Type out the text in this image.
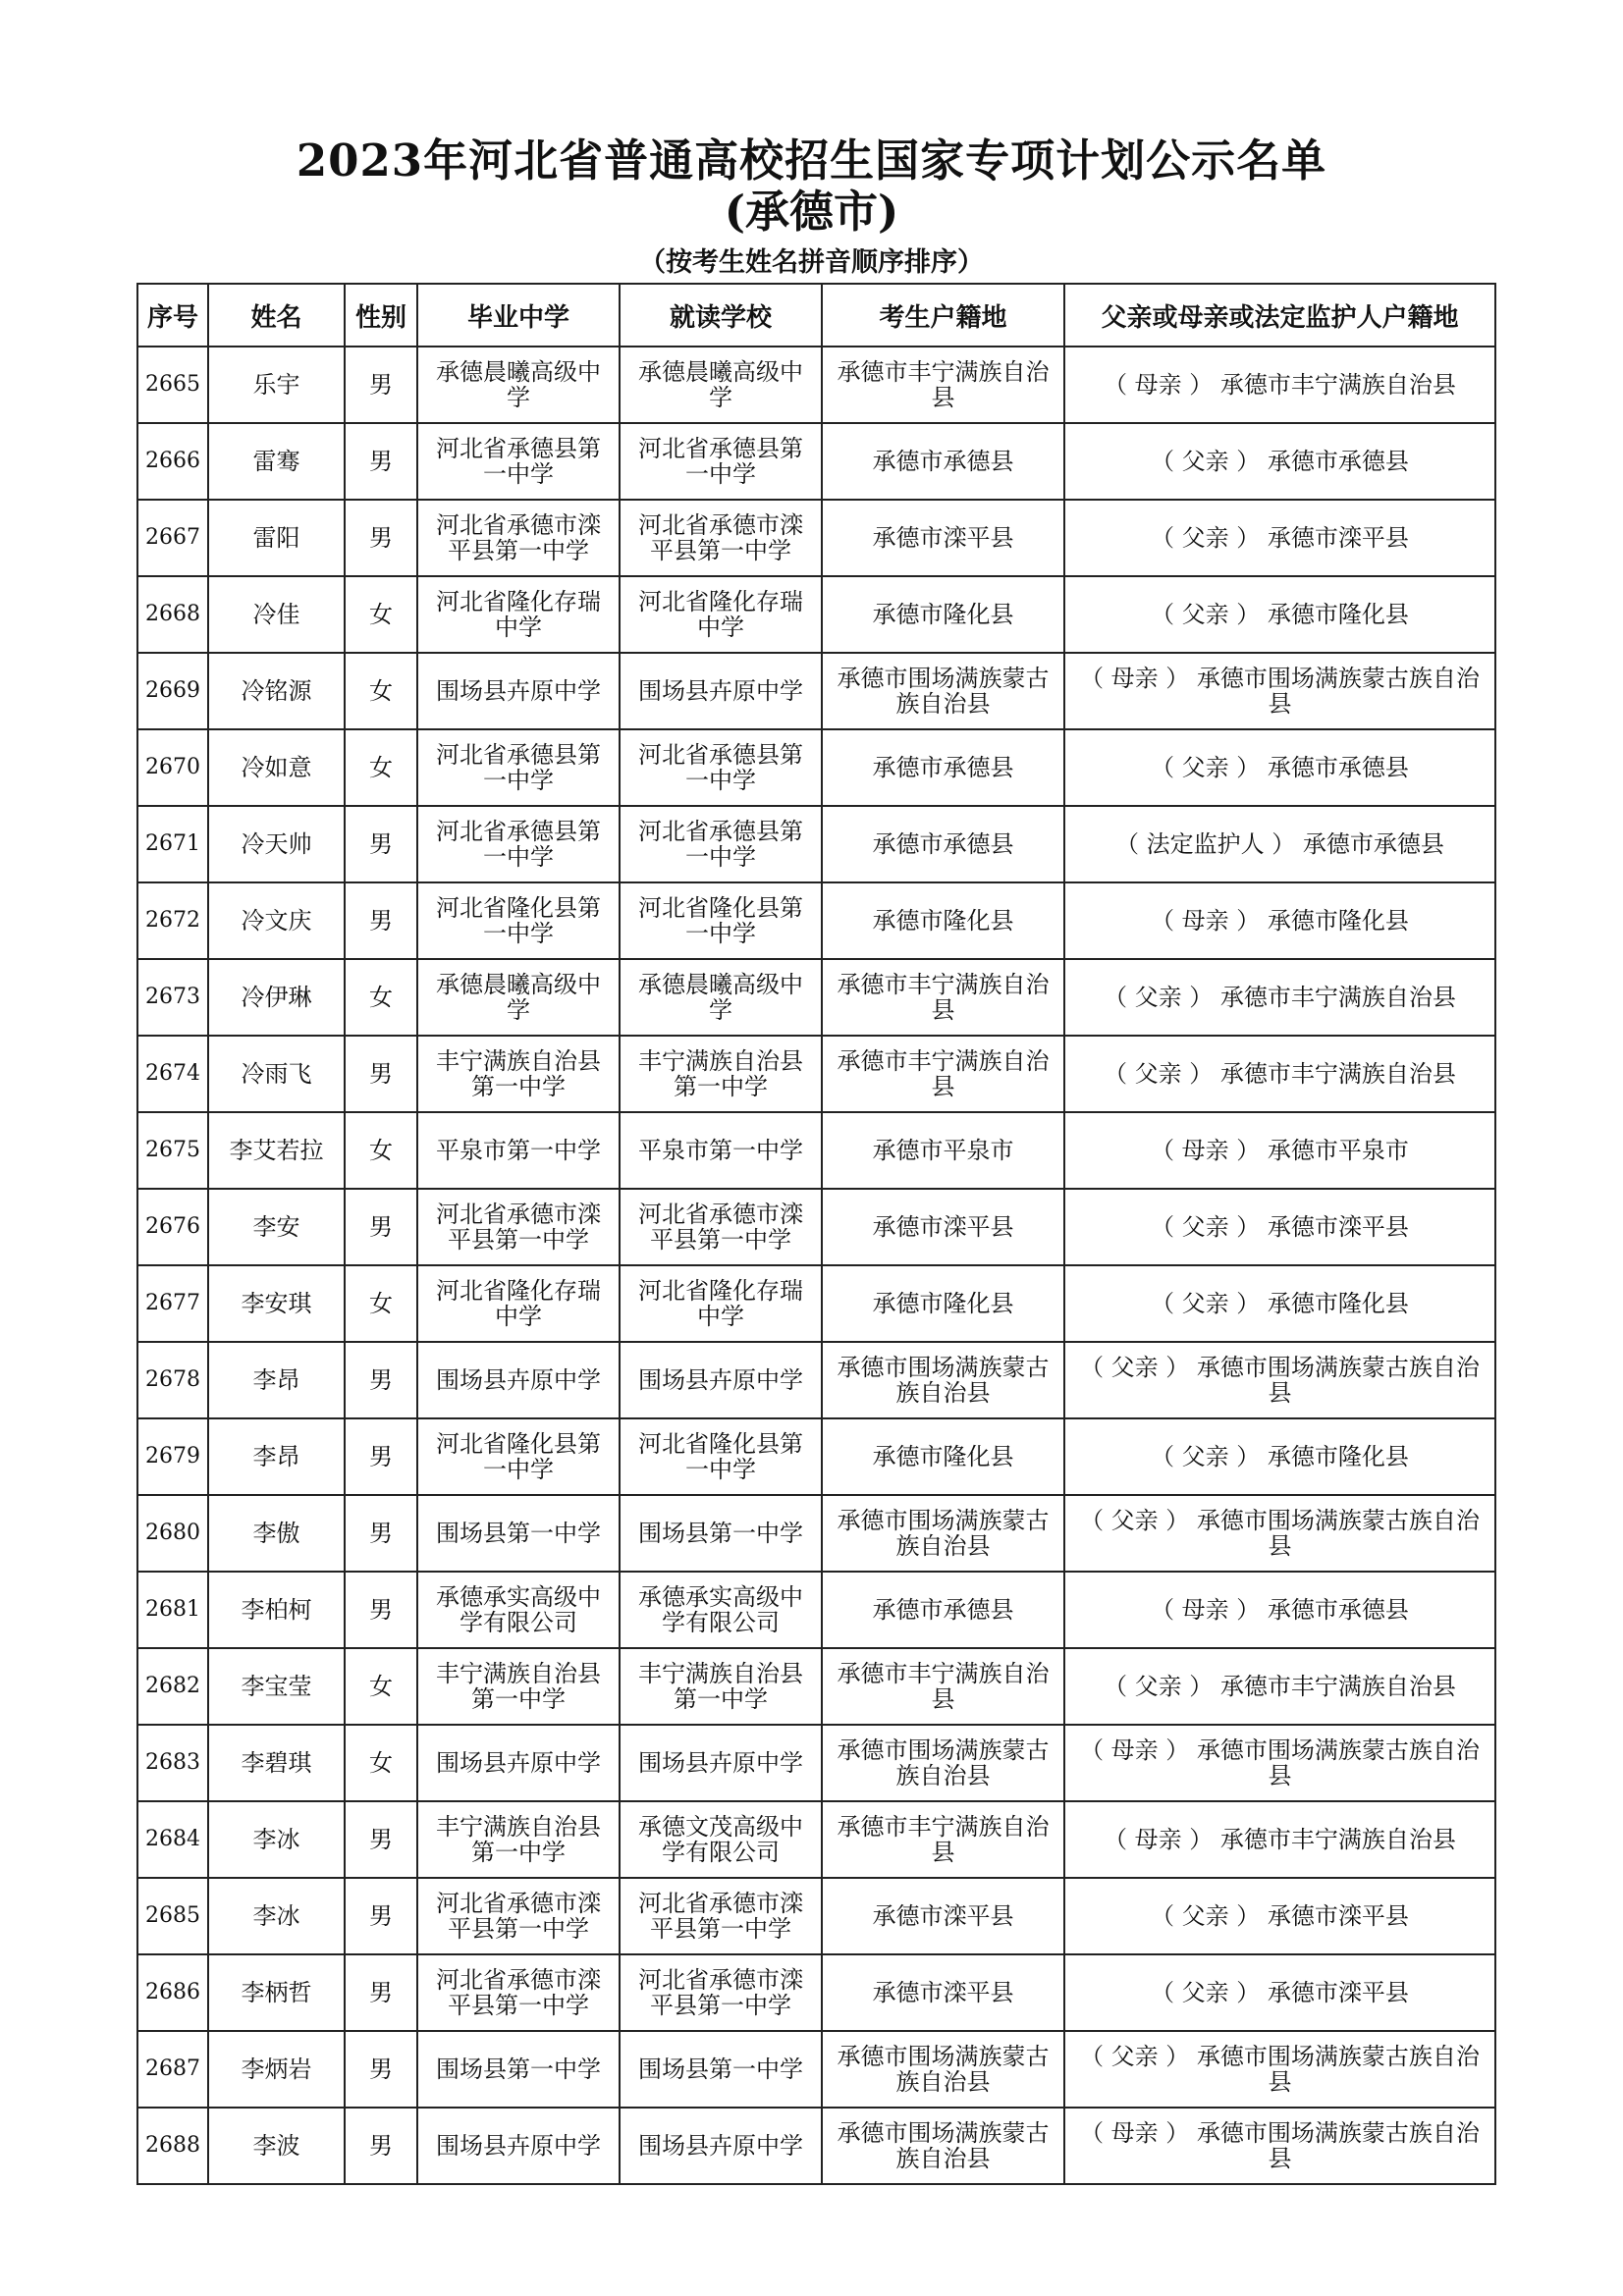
2023年河北省普通高校招生国家专项计划公示名单
(承德市)
（按考生姓名拼音顺序排序）
序号	姓名	性别	毕业中学	就读学校	考生户籍地	父亲或母亲或法定监护人户籍地
2665	乐宇	男	承德晨曦高级中学	承德晨曦高级中学	承德市丰宁满族自治县	（ 母亲 ） 承德市丰宁满族自治县
2666	雷骞	男	河北省承德县第一中学	河北省承德县第一中学	承德市承德县	（ 父亲 ） 承德市承德县
2667	雷阳	男	河北省承德市滦平县第一中学	河北省承德市滦平县第一中学	承德市滦平县	（ 父亲 ） 承德市滦平县
2668	冷佳	女	河北省隆化存瑞中学	河北省隆化存瑞中学	承德市隆化县	（ 父亲 ） 承德市隆化县
2669	冷铭源	女	围场县卉原中学	围场县卉原中学	承德市围场满族蒙古族自治县	（ 母亲 ） 承德市围场满族蒙古族自治县
2670	冷如意	女	河北省承德县第一中学	河北省承德县第一中学	承德市承德县	（ 父亲 ） 承德市承德县
2671	冷天帅	男	河北省承德县第一中学	河北省承德县第一中学	承德市承德县	（ 法定监护人 ） 承德市承德县
2672	冷文庆	男	河北省隆化县第一中学	河北省隆化县第一中学	承德市隆化县	（ 母亲 ） 承德市隆化县
2673	冷伊琳	女	承德晨曦高级中学	承德晨曦高级中学	承德市丰宁满族自治县	（ 父亲 ） 承德市丰宁满族自治县
2674	冷雨飞	男	丰宁满族自治县第一中学	丰宁满族自治县第一中学	承德市丰宁满族自治县	（ 父亲 ） 承德市丰宁满族自治县
2675	李艾若拉	女	平泉市第一中学	平泉市第一中学	承德市平泉市	（ 母亲 ） 承德市平泉市
2676	李安	男	河北省承德市滦平县第一中学	河北省承德市滦平县第一中学	承德市滦平县	（ 父亲 ） 承德市滦平县
2677	李安琪	女	河北省隆化存瑞中学	河北省隆化存瑞中学	承德市隆化县	（ 父亲 ） 承德市隆化县
2678	李昂	男	围场县卉原中学	围场县卉原中学	承德市围场满族蒙古族自治县	（ 父亲 ） 承德市围场满族蒙古族自治县
2679	李昂	男	河北省隆化县第一中学	河北省隆化县第一中学	承德市隆化县	（ 父亲 ） 承德市隆化县
2680	李傲	男	围场县第一中学	围场县第一中学	承德市围场满族蒙古族自治县	（ 父亲 ） 承德市围场满族蒙古族自治县
2681	李柏柯	男	承德承实高级中学有限公司	承德承实高级中学有限公司	承德市承德县	（ 母亲 ） 承德市承德县
2682	李宝莹	女	丰宁满族自治县第一中学	丰宁满族自治县第一中学	承德市丰宁满族自治县	（ 父亲 ） 承德市丰宁满族自治县
2683	李碧琪	女	围场县卉原中学	围场县卉原中学	承德市围场满族蒙古族自治县	（ 母亲 ） 承德市围场满族蒙古族自治县
2684	李冰	男	丰宁满族自治县第一中学	承德文茂高级中学有限公司	承德市丰宁满族自治县	（ 母亲 ） 承德市丰宁满族自治县
2685	李冰	男	河北省承德市滦平县第一中学	河北省承德市滦平县第一中学	承德市滦平县	（ 父亲 ） 承德市滦平县
2686	李柄哲	男	河北省承德市滦平县第一中学	河北省承德市滦平县第一中学	承德市滦平县	（ 父亲 ） 承德市滦平县
2687	李炳岩	男	围场县第一中学	围场县第一中学	承德市围场满族蒙古族自治县	（ 父亲 ） 承德市围场满族蒙古族自治县
2688	李波	男	围场县卉原中学	围场县卉原中学	承德市围场满族蒙古族自治县	（ 母亲 ） 承德市围场满族蒙古族自治县
